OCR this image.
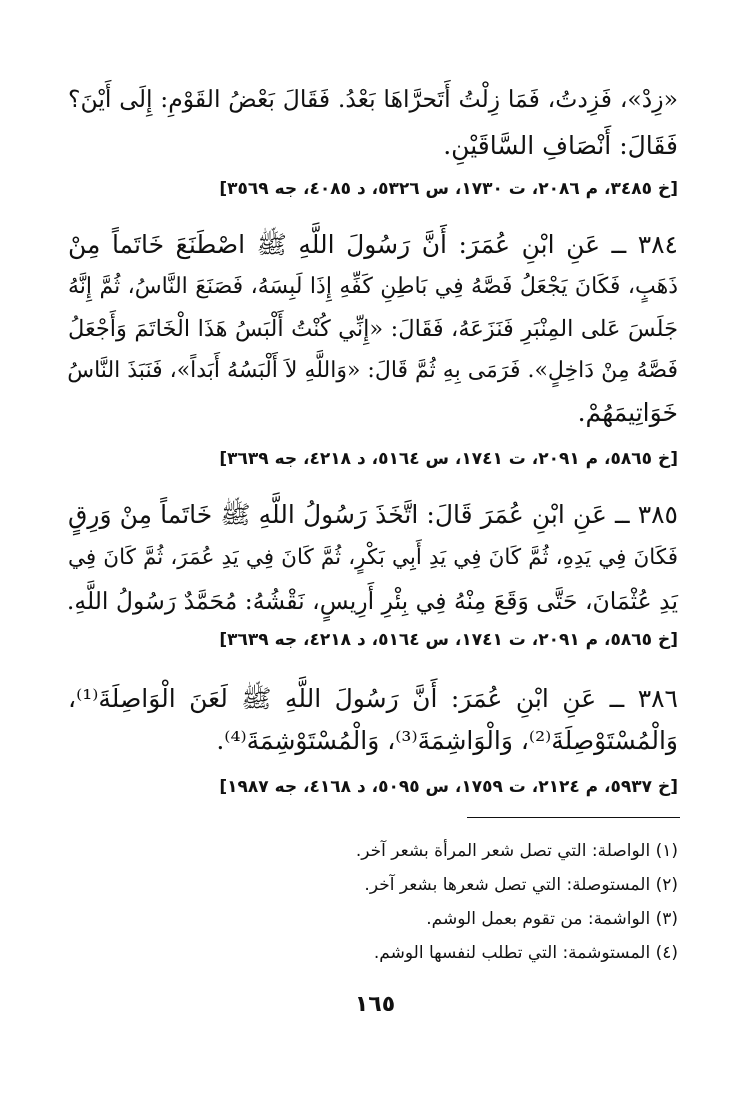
«زِدْ»، فَزِدتُ، فَمَا زِلْتُ أَتَحرَّاهَا بَعْدُ. فَقَالَ بَعْضُ القَوْمِ: إِلَى أَيْنَ؟
فَقَالَ: أَنْصَافِ السَّاقَيْنِ.
[خ ٣٤٨٥، م ٢٠٨٦، ت ١٧٣٠، س ٥٣٢٦، د ٤٠٨٥، جه ٣٥٦٩]
٣٨٤ ــ عَنِ ابْنِ عُمَرَ: أَنَّ رَسُولَ اللَّهِ ﷺ اصْطَنَعَ خَاتَماً مِنْ
ذَهَبٍ، فَكَانَ يَجْعَلُ فَصَّهُ فِي بَاطِنِ كَفِّهِ إِذَا لَبِسَهُ، فَصَنَعَ النَّاسُ، ثُمَّ إِنَّهُ
جَلَسَ عَلى المِنْبَرِ فَنَزَعَهُ، فَقَالَ: «إِنِّي كُنْتُ أَلْبَسُ هَذَا الْخَاتَمَ وَأَجْعَلُ
فَصَّهُ مِنْ دَاخِلٍ». فَرَمَى بِهِ ثُمَّ قَالَ: «وَاللَّهِ لاَ أَلْبَسُهُ أَبَداً»، فَنَبَذَ النَّاسُ
خَوَاتِيمَهُمْ.
[خ ٥٨٦٥، م ٢٠٩١، ت ١٧٤١، س ٥١٦٤، د ٤٢١٨، جه ٣٦٣٩]
٣٨٥ ــ عَنِ ابْنِ عُمَرَ قَالَ: اتَّخَذَ رَسُولُ اللَّهِ ﷺ خَاتَماً مِنْ وَرِقٍ
فَكَانَ فِي يَدِهِ، ثُمَّ كَانَ فِي يَدِ أَبِي بَكْرٍ، ثُمَّ كَانَ فِي يَدِ عُمَرَ، ثُمَّ كَانَ فِي
يَدِ عُثْمَانَ، حَتَّى وَقَعَ مِنْهُ فِي بِئْرِ أَرِيسٍ، نَقْشُهُ: مُحَمَّدٌ رَسُولُ اللَّهِ.
[خ ٥٨٦٥، م ٢٠٩١، ت ١٧٤١، س ٥١٦٤، د ٤٢١٨، جه ٣٦٣٩]
٣٨٦ ــ عَنِ ابْنِ عُمَرَ: أَنَّ رَسُولَ اللَّهِ ﷺ لَعَنَ الْوَاصِلَةَ⁽¹⁾،
وَالْمُسْتَوْصِلَةَ⁽²⁾، وَالْوَاشِمَةَ⁽³⁾، وَالْمُسْتَوْشِمَةَ⁽⁴⁾.
[خ ٥٩٣٧، م ٢١٢٤، ت ١٧٥٩، س ٥٠٩٥، د ٤١٦٨، جه ١٩٨٧]
(١) الواصلة: التي تصل شعر المرأة بشعر آخر.
(٢) المستوصلة: التي تصل شعرها بشعر آخر.
(٣) الواشمة: من تقوم بعمل الوشم.
(٤) المستوشمة: التي تطلب لنفسها الوشم.
١٦٥
